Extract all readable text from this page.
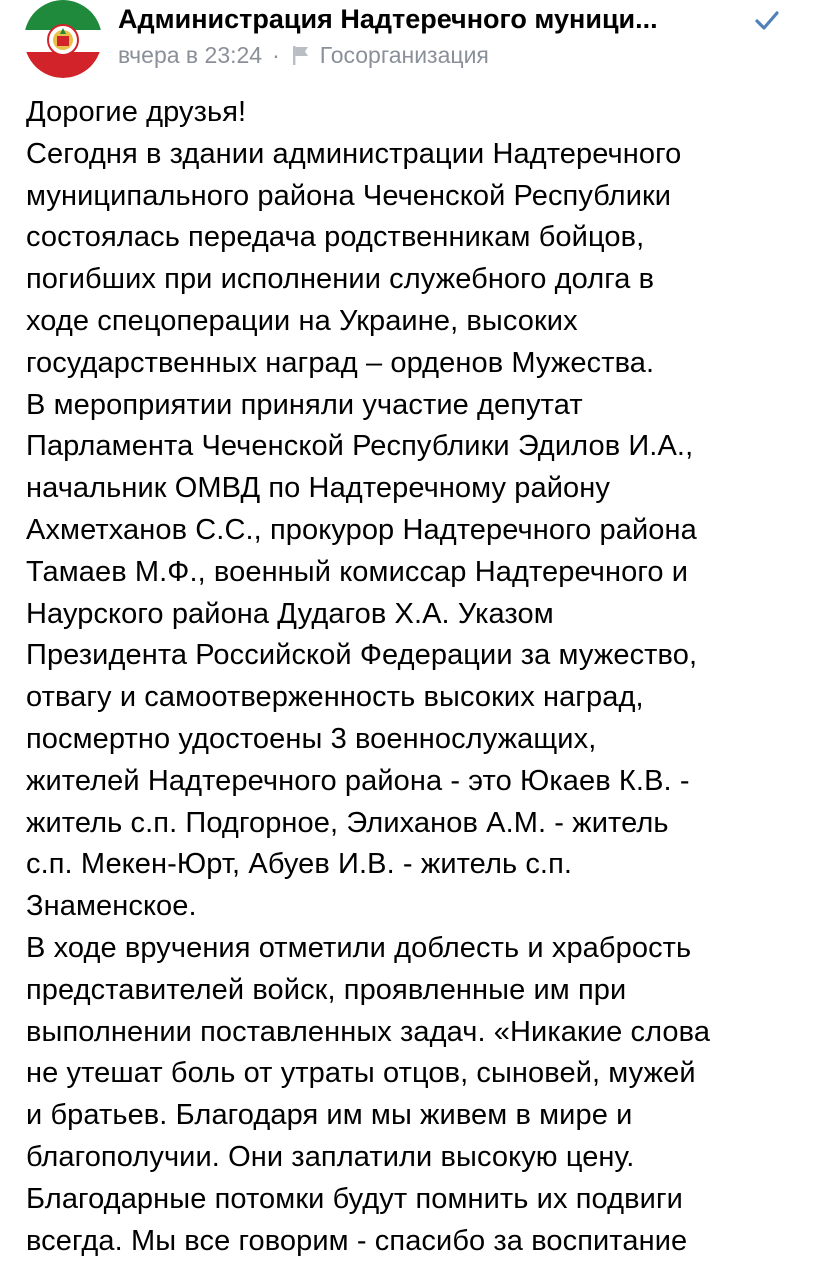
Администрация Надтеречного муници...
вчера в 23:24 · Госорганизация

Дорогие друзья!
Сегодня в здании администрации Надтеречного
муниципального района Чеченской Республики
состоялась передача родственникам бойцов,
погибших при исполнении служебного долга в
ходе спецоперации на Украине, высоких
государственных наград – орденов Мужества.

В мероприятии приняли участие депутат
Парламента Чеченской Республики Эдилов И.А.,
начальник ОМВД по Надтеречному району
Ахметханов С.С., прокурор Надтеречного района
Тамаев М.Ф., военный комиссар Надтеречного и
Наурского района Дудагов Х.А. Указом
Президента Российской Федерации за мужество,
отвагу и самоотверженность высоких наград,
посмертно удостоены 3 военнослужащих,
жителей Надтеречного района - это Юкаев К.В. -
житель с.п. Подгорное, Элиханов А.М. - житель
с.п. Мекен-Юрт, Абуев И.В. - житель с.п.
Знаменское.

В ходе вручения отметили доблесть и храбрость
представителей войск, проявленные им при
выполнении поставленных задач. «Никакие слова
не утешат боль от утраты отцов, сыновей, мужей
и братьев. Благодаря им мы живем в мире и
благополучии. Они заплатили высокую цену.
Благодарные потомки будут помнить их подвиги
всегда. Мы все говорим - спасибо за воспитание
